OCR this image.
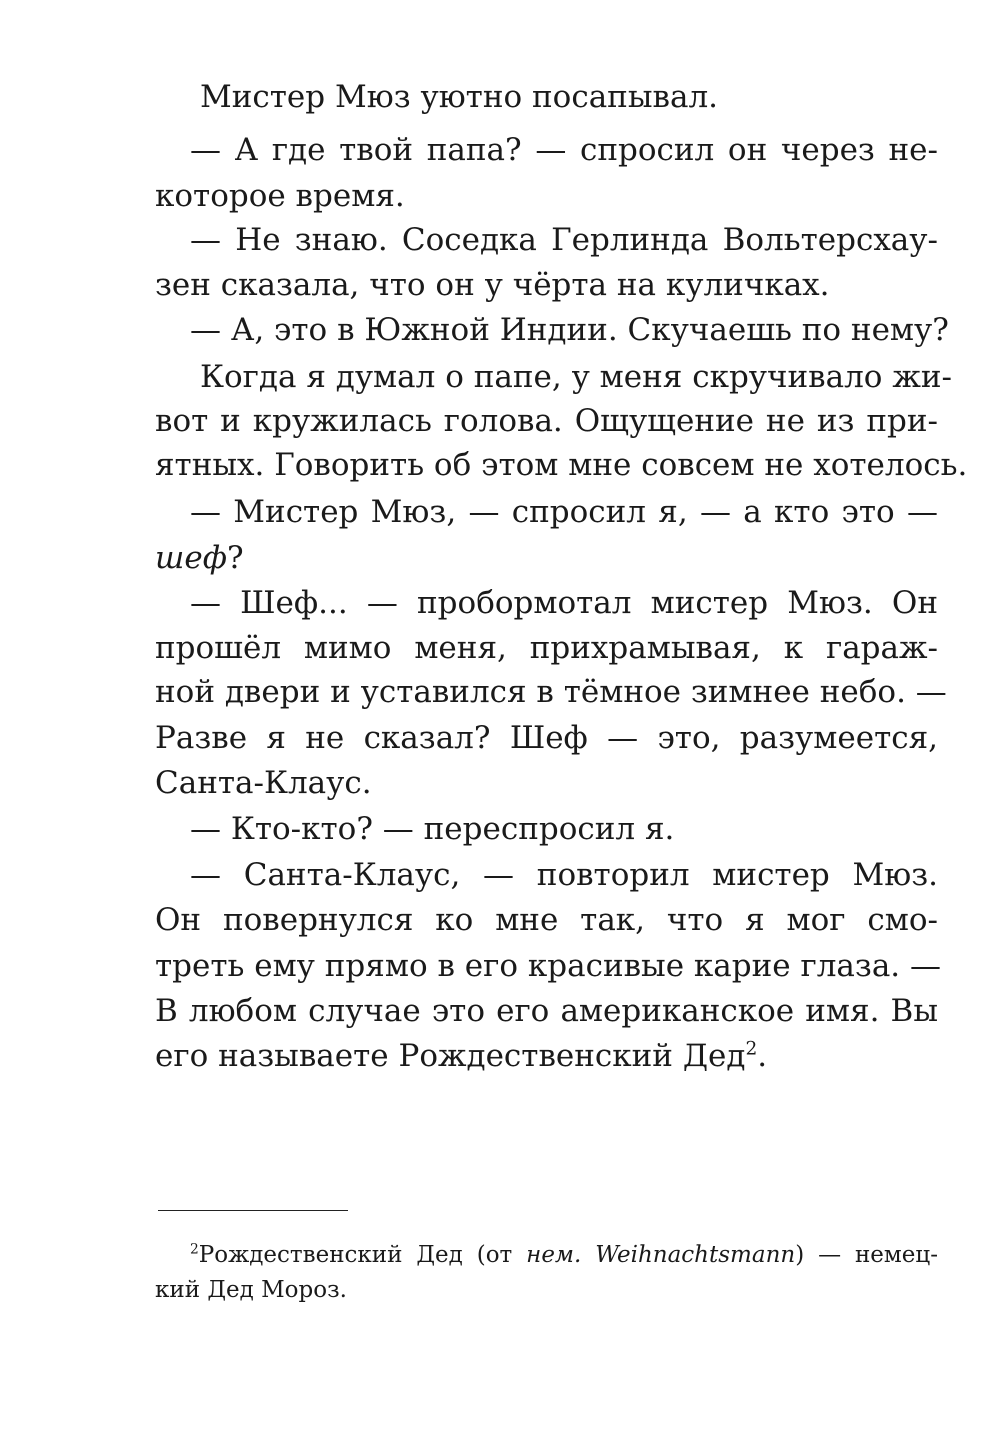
Мистер Мюз уютно посапывал.
— А где твой папа? — спросил он через не-
которое время.
— Не знаю. Соседка Герлинда Вольтерсхау-
зен сказала, что он у чёрта на куличках.
— А, это в Южной Индии. Скучаешь по нему?
Когда я думал о папе, у меня скручивало жи-
вот и кружилась голова. Ощущение не из при-
ятных. Говорить об этом мне совсем не хотелось.
— Мистер Мюз, — спросил я, — а кто это —
шеф?
— Шеф... — пробормотал мистер Мюз. Он
прошёл мимо меня, прихрамывая, к гараж-
ной двери и уставился в тёмное зимнее небо. —
Разве я не сказал? Шеф — это, разумеется,
Санта-Клаус.
— Кто-кто? — переспросил я.
— Санта-Клаус, — повторил мистер Мюз.
Он повернулся ко мне так, что я мог смо-
треть ему прямо в его красивые карие глаза. —
В любом случае это его американское имя. Вы
его называете Рождественский Дед$^2$.
$^2$Рождественский Дед (от нем. Weihnachtsmann) — немец-
кий Дед Мороз.
